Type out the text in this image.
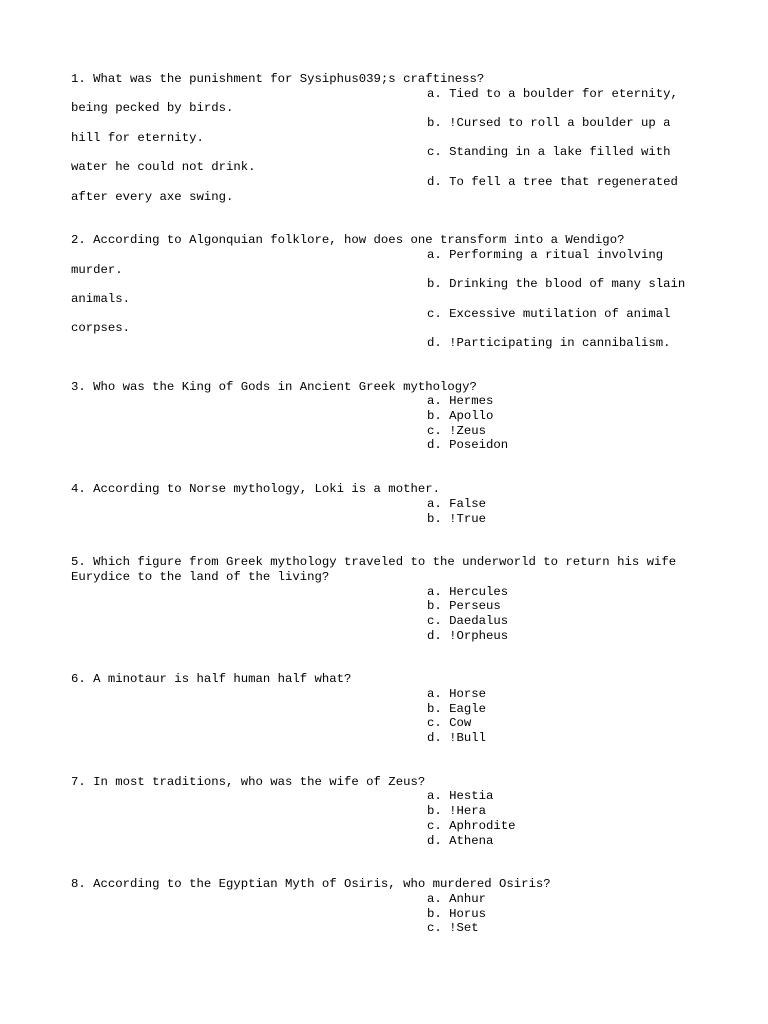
1. What was the punishment for Sysiphus039;s craftiness?
a. Tied to a boulder for eternity,
being pecked by birds.
b. !Cursed to roll a boulder up a
hill for eternity.
c. Standing in a lake filled with
water he could not drink.
d. To fell a tree that regenerated
after every axe swing.
2. According to Algonquian folklore, how does one transform into a Wendigo?
a. Performing a ritual involving
murder.
b. Drinking the blood of many slain
animals.
c. Excessive mutilation of animal
corpses.
d. !Participating in cannibalism.
3. Who was the King of Gods in Ancient Greek mythology?
a. Hermes
b. Apollo
c. !Zeus
d. Poseidon
4. According to Norse mythology, Loki is a mother.
a. False
b. !True
5. Which figure from Greek mythology traveled to the underworld to return his wife
Eurydice to the land of the living?
a. Hercules
b. Perseus
c. Daedalus
d. !Orpheus
6. A minotaur is half human half what?
a. Horse
b. Eagle
c. Cow
d. !Bull
7. In most traditions, who was the wife of Zeus?
a. Hestia
b. !Hera
c. Aphrodite
d. Athena
8. According to the Egyptian Myth of Osiris, who murdered Osiris?
a. Anhur
b. Horus
c. !Set
